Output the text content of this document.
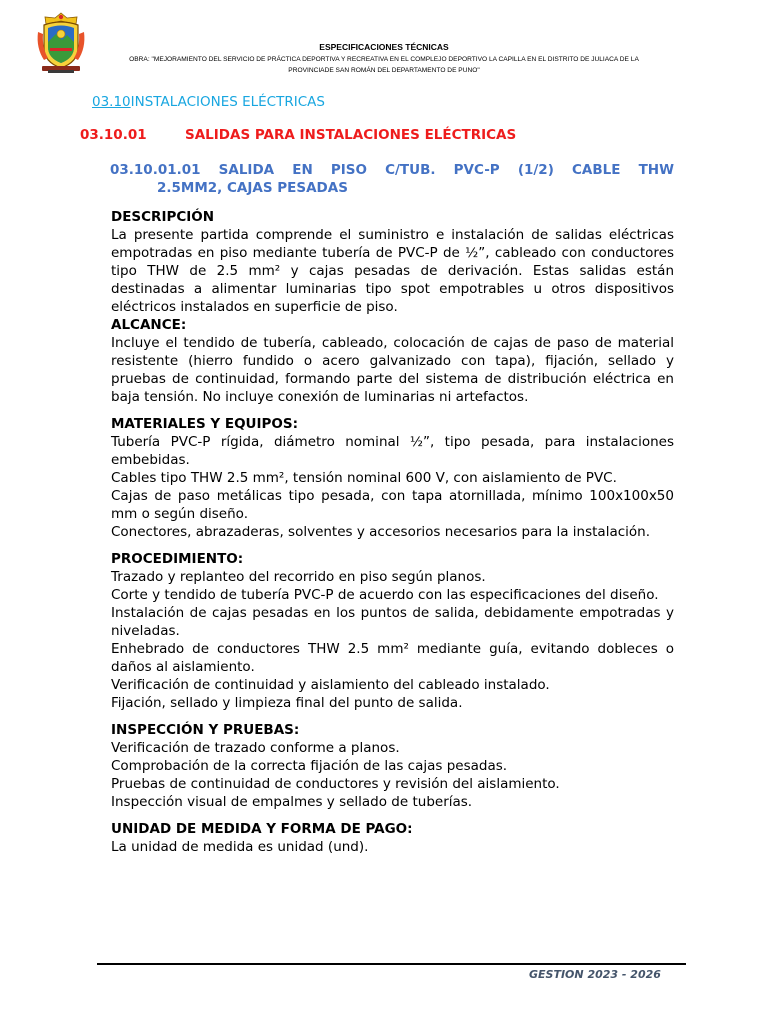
ESPECIFICACIONES TÉCNICAS
OBRA: "MEJORAMIENTO DEL SERVICIO DE PRÁCTICA DEPORTIVA Y RECREATIVA EN EL COMPLEJO DEPORTIVO LA CAPILLA EN EL DISTRITO DE JULIACA DE LA
PROVINCIADE SAN ROMÁN DEL DEPARTAMENTO DE PUNO"
03.10INSTALACIONES ELÉCTRICAS
03.10.01	SALIDAS PARA INSTALACIONES ELÉCTRICAS
03.10.01.01 SALIDA EN PISO C/TUB. PVC-P (1/2) CABLE THW
2.5MM2, CAJAS PESADAS
DESCRIPCIÓN

La presente partida comprende el suministro e instalación de salidas eléctricas empotradas en piso mediante tubería de PVC-P de ½”, cableado con conductores tipo THW de 2.5 mm² y cajas pesadas de derivación. Estas salidas están destinadas a alimentar luminarias tipo spot empotrables u otros dispositivos eléctricos instalados en superficie de piso.

ALCANCE:

Incluye el tendido de tubería, cableado, colocación de cajas de paso de material resistente (hierro fundido o acero galvanizado con tapa), fijación, sellado y pruebas de continuidad, formando parte del sistema de distribución eléctrica en baja tensión. No incluye conexión de luminarias ni artefactos.

MATERIALES Y EQUIPOS:

Tubería PVC-P rígida, diámetro nominal ½”, tipo pesada, para instalaciones embebidas.

Cables tipo THW 2.5 mm², tensión nominal 600 V, con aislamiento de PVC.

Cajas de paso metálicas tipo pesada, con tapa atornillada, mínimo 100x100x50 mm o según diseño.

Conectores, abrazaderas, solventes y accesorios necesarios para la instalación.

PROCEDIMIENTO:

Trazado y replanteo del recorrido en piso según planos.

Corte y tendido de tubería PVC-P de acuerdo con las especificaciones del diseño.

Instalación de cajas pesadas en los puntos de salida, debidamente empotradas y niveladas.

Enhebrado de conductores THW 2.5 mm² mediante guía, evitando dobleces o daños al aislamiento.

Verificación de continuidad y aislamiento del cableado instalado.

Fijación, sellado y limpieza final del punto de salida.

INSPECCIÓN Y PRUEBAS:

Verificación de trazado conforme a planos.

Comprobación de la correcta fijación de las cajas pesadas.

Pruebas de continuidad de conductores y revisión del aislamiento.

Inspección visual de empalmes y sellado de tuberías.

UNIDAD DE MEDIDA Y FORMA DE PAGO:

La unidad de medida es unidad (und).

GESTION 2023 - 2026
